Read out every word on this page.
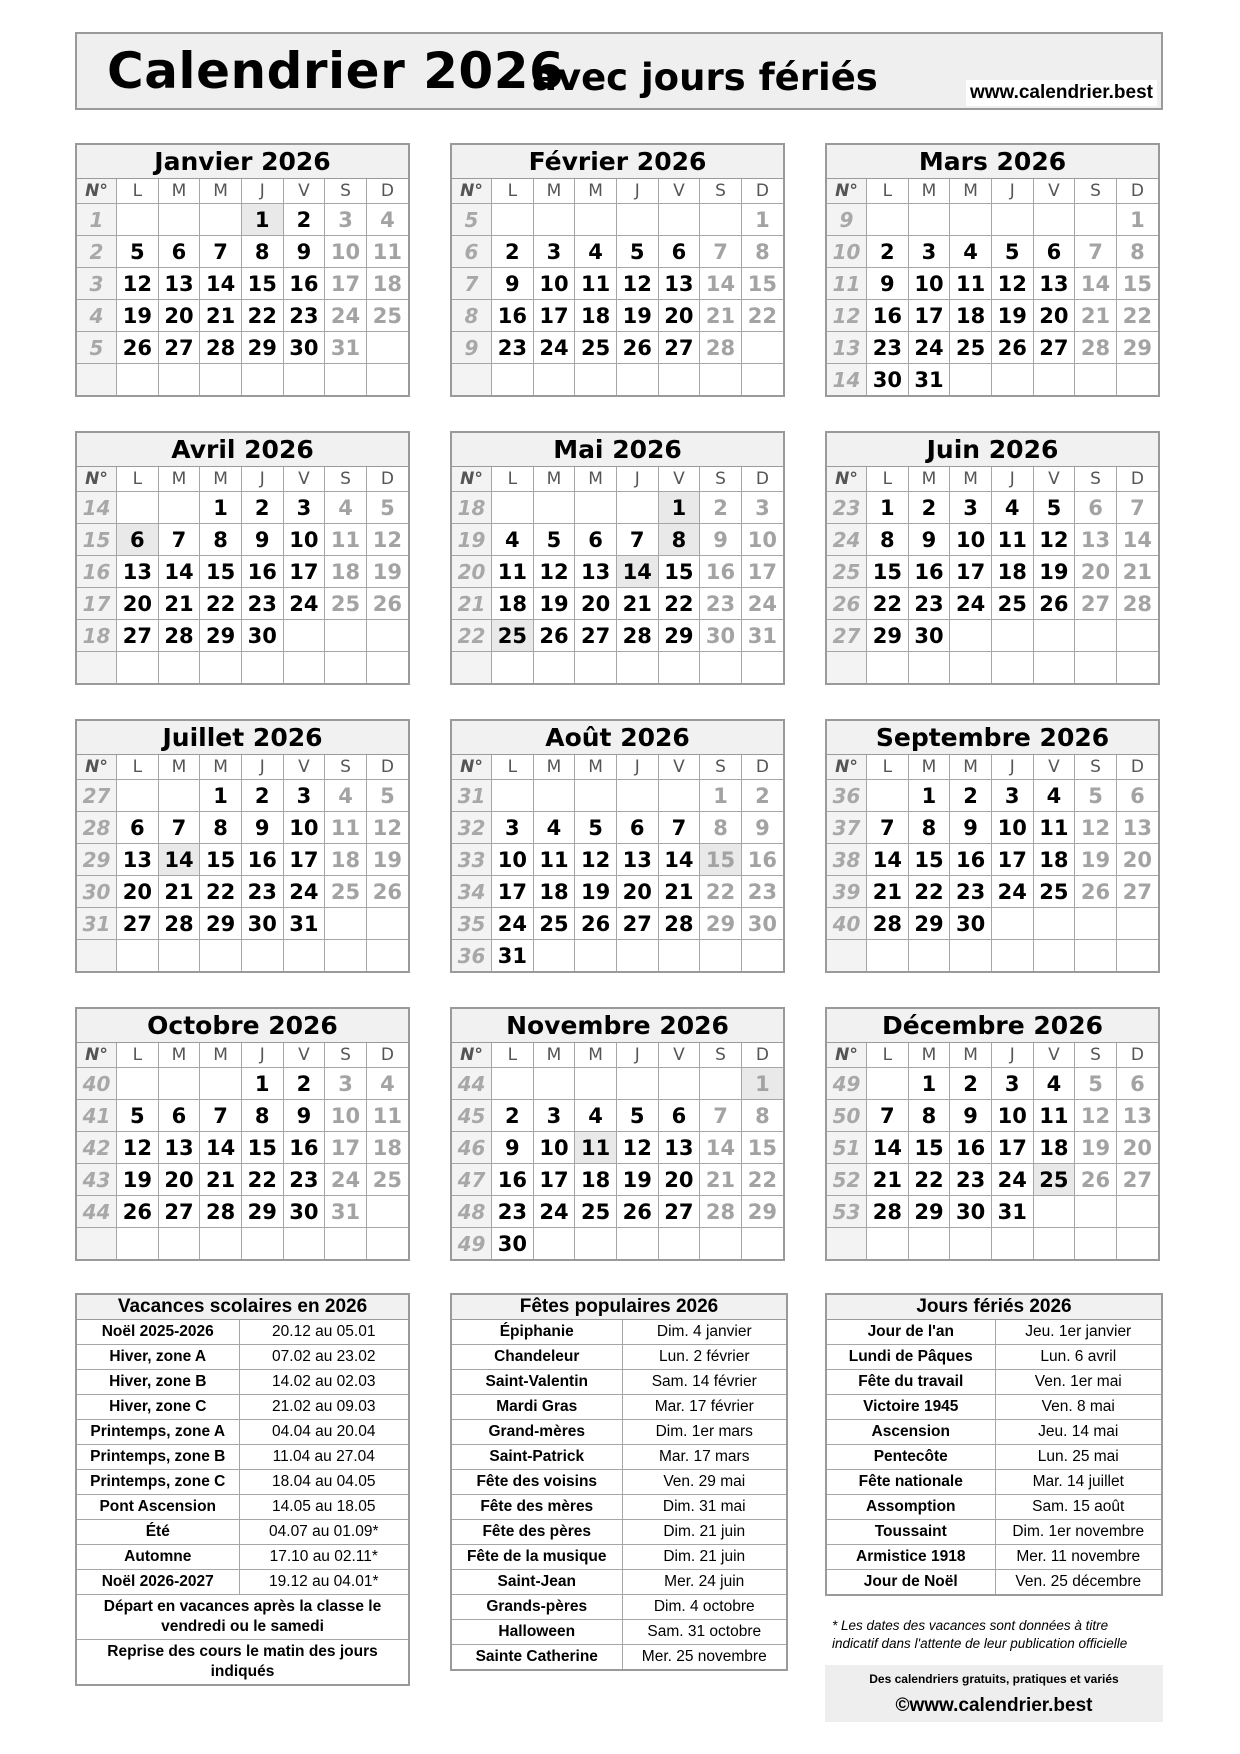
Calendrier 2026
avec jours fériés	www.calendrier.best
Janvier 2026
N°	L	M	M	J	V	S	D
1				1	2	3	4
2	5	6	7	8	9	10	11
3	12	13	14	15	16	17	18
4	19	20	21	22	23	24	25
5	26	27	28	29	30	31	

Février 2026
N°	L	M	M	J	V	S	D
5							1
6	2	3	4	5	6	7	8
7	9	10	11	12	13	14	15
8	16	17	18	19	20	21	22
9	23	24	25	26	27	28	

Mars 2026
N°	L	M	M	J	V	S	D
9							1
10	2	3	4	5	6	7	8
11	9	10	11	12	13	14	15
12	16	17	18	19	20	21	22
13	23	24	25	26	27	28	29
14	30	31					
Avril 2026
N°	L	M	M	J	V	S	D
14			1	2	3	4	5
15	6	7	8	9	10	11	12
16	13	14	15	16	17	18	19
17	20	21	22	23	24	25	26
18	27	28	29	30			

Mai 2026
N°	L	M	M	J	V	S	D
18					1	2	3
19	4	5	6	7	8	9	10
20	11	12	13	14	15	16	17
21	18	19	20	21	22	23	24
22	25	26	27	28	29	30	31

Juin 2026
N°	L	M	M	J	V	S	D
23	1	2	3	4	5	6	7
24	8	9	10	11	12	13	14
25	15	16	17	18	19	20	21
26	22	23	24	25	26	27	28
27	29	30					

Juillet 2026
N°	L	M	M	J	V	S	D
27			1	2	3	4	5
28	6	7	8	9	10	11	12
29	13	14	15	16	17	18	19
30	20	21	22	23	24	25	26
31	27	28	29	30	31		

Août 2026
N°	L	M	M	J	V	S	D
31						1	2
32	3	4	5	6	7	8	9
33	10	11	12	13	14	15	16
34	17	18	19	20	21	22	23
35	24	25	26	27	28	29	30
36	31						
Septembre 2026
N°	L	M	M	J	V	S	D
36		1	2	3	4	5	6
37	7	8	9	10	11	12	13
38	14	15	16	17	18	19	20
39	21	22	23	24	25	26	27
40	28	29	30				

Octobre 2026
N°	L	M	M	J	V	S	D
40				1	2	3	4
41	5	6	7	8	9	10	11
42	12	13	14	15	16	17	18
43	19	20	21	22	23	24	25
44	26	27	28	29	30	31	

Novembre 2026
N°	L	M	M	J	V	S	D
44							1
45	2	3	4	5	6	7	8
46	9	10	11	12	13	14	15
47	16	17	18	19	20	21	22
48	23	24	25	26	27	28	29
49	30						
Décembre 2026
N°	L	M	M	J	V	S	D
49		1	2	3	4	5	6
50	7	8	9	10	11	12	13
51	14	15	16	17	18	19	20
52	21	22	23	24	25	26	27
53	28	29	30	31			

Vacances scolaires en 2026
Noël 2025-2026	20.12 au 05.01
Hiver, zone A	07.02 au 23.02
Hiver, zone B	14.02 au 02.03
Hiver, zone C	21.02 au 09.03
Printemps, zone A	04.04 au 20.04
Printemps, zone B	11.04 au 27.04
Printemps, zone C	18.04 au 04.05
Pont Ascension	14.05 au 18.05
Été	04.07 au 01.09*
Automne	17.10 au 02.11*
Noël 2026-2027	19.12 au 04.01*
Départ en vacances après la classe le vendredi ou le samedi	
Reprise des cours le matin des jours indiqués	
Fêtes populaires 2026
Épiphanie	Dim. 4 janvier
Chandeleur	Lun. 2 février
Saint-Valentin	Sam. 14 février
Mardi Gras	Mar. 17 février
Grand-mères	Dim. 1er mars
Saint-Patrick	Mar. 17 mars
Fête des voisins	Ven. 29 mai
Fête des mères	Dim. 31 mai
Fête des pères	Dim. 21 juin
Fête de la musique	Dim. 21 juin
Saint-Jean	Mer. 24 juin
Grands-pères	Dim. 4 octobre
Halloween	Sam. 31 octobre
Sainte Catherine	Mer. 25 novembre
Jours fériés 2026
Jour de l'an	Jeu. 1er janvier
Lundi de Pâques	Lun. 6 avril
Fête du travail	Ven. 1er mai
Victoire 1945	Ven. 8 mai
Ascension	Jeu. 14 mai
Pentecôte	Lun. 25 mai
Fête nationale	Mar. 14 juillet
Assomption	Sam. 15 août
Toussaint	Dim. 1er novembre
Armistice 1918	Mer. 11 novembre
Jour de Noël	Ven. 25 décembre
* Les dates des vacances sont données à titre indicatif dans l'attente de leur publication officielle
Des calendriers gratuits, pratiques et variés
©www.calendrier.best
